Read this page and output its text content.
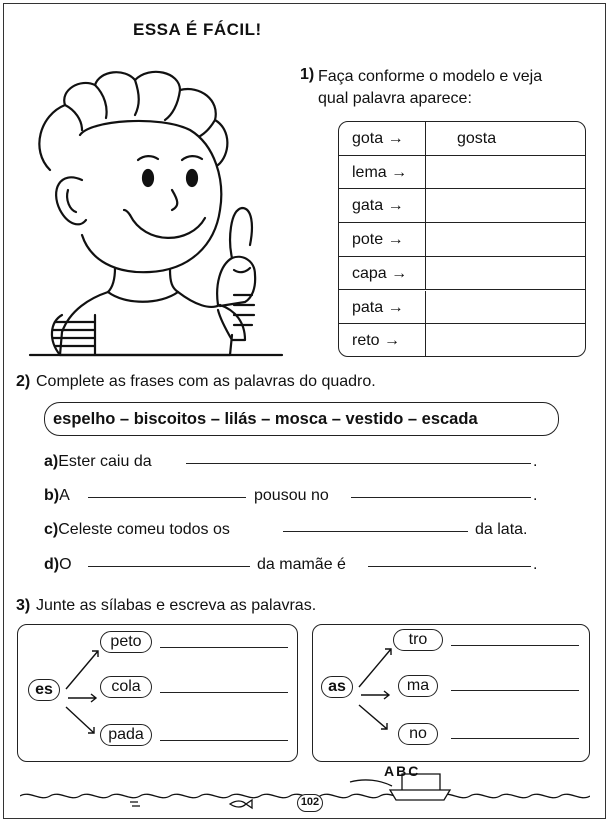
ESSA É FÁCIL!
1) Faça conforme o modelo e veja
qual palavra aparece:
gota →	gosta
lema →
gata →
pote →
capa →
pata →
reto →
2) Complete as frases com as palavras do quadro.
espelho – biscoitos – lilás – mosca – vestido – escada
a)Ester caiu da	.
b)A	pousou no	.
c)Celeste comeu todos os	da lata.
d)O	da mamãe é	.
3) Junte as sílabas e escreva as palavras.
es
peto
cola
pada
as
tro
ma
no
ABC
102
